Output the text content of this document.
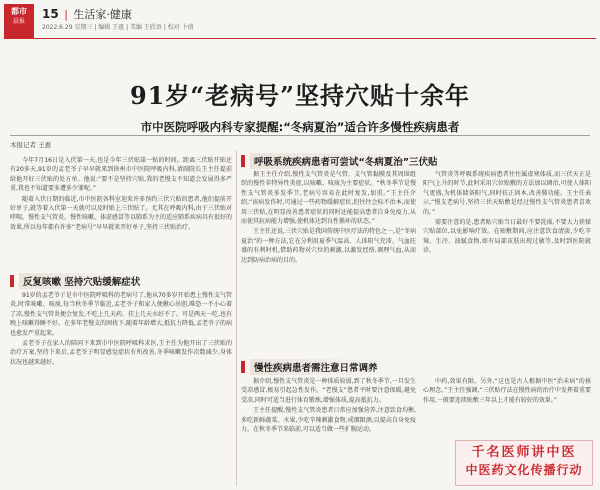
都市
晨报
15 | 生活家·健康
2022.6.29 星期三 | 编辑 王惠 | 美编 王欣语 | 校对 卜倩
91岁“老病号”坚持穴贴十余年
市中医院呼吸内科专家提醒:“冬病夏治”适合许多慢性疾病患者
本报记者 王惠

今年7月16日是入伏第一天,也是今年三伏贴第一贴的时间。距离三伏贴开贴还有20多天,91岁的孟老爷子早早就来到徐州市中医院呼吸内科,请副院长王主任提前给他开好三伏贴的处方单。他说:“要不是坚持穴贴,我的老慢支不知道会发展得多严重,我也不知道要多遭多少罪呢。”

随着入伏日期的临近,市中医院各科室迎来许多预约三伏穴贴的患者,他们提前开好单子,就等着入伏第一天就可以及时贴上三伏贴了。尤其在呼吸内科,由于三伏贴对哮喘、慢性支气管炎、慢性咳嗽、体虚感冒等以肺系为主的适应肺系疾病具有很好的效果,所以每年都有许多“老病号”早早就来开好单子,坚持三伏贴治疗。

反复咳嗽 坚持穴贴缓解症状

91岁的孟老爷子是市中医院呼吸科的老病号了,他从70多岁开始患上慢性支气管炎,时常咳嗽、咳痰,每当秋冬季节临近,孟老爷子和家人便揪心吊胆,唯恐一不小心着了凉,慢性支气管炎便会复发,不吃上几天药、挂上几天水好不了。可是两天一吃,也有晚上咳嗽得睡不好。在多年老慢支的困扰下,随着年龄增大,抵抗力降低,孟老爷子的病也愈发严重起来。

孟老爷子在家人的陪同下来到市中医院呼吸科求医,王主任为他开出了三伏贴的治疗方案,坚持下来后,孟老爷子明显感觉症状有所改善,冬季咳嗽发作次数减少,身体状况也越来越好。

呼吸系统疾病患者可尝试“冬病夏治”三伏贴

据王主任介绍,慢性支气管炎是气管、支气管黏膜及其周围组织的慢性非特异性炎症,以咳嗽、咳痰为主要症状。“秋冬季节是慢性支气管炎多发季节,老病号容易在此时复发,加重。”王主任介绍,“该病发作时,可通过一些药物缓解症状,但往往会标不治本,而使用三伏贴,在明显改善患者症状的同时还能提高患者自身免疫力,从而使其抗病能力增强,使机体达到良性循环的状态。”

王主任还说,三伏穴贴是我国传统中医疗法的特色之一,是“冬病夏治”的一种方法,它在分利用夏季气温高、人体阳气充沛、气血旺盛的有利时机,借助药物对穴位的刺激,以激发经络,调理气血,从而达到防病治病的目的。

气管炎等呼吸系统疾病患者往往属虚寒体质,而三伏天正是阳气上升的时节,此时采用穴位贴敷的方法加以调治,可使人体阳气更盛,为机体储备阳气,同时扶正固本,改善肺功能。王主任表示,“慢支老病号,坚持三伏天贴敷是经过慢性支气管炎患者喜欢的。”

需要注意的是,患者贴穴贴当日最好不要洗澡,不要大力搓揉穴贴部位,以免影响疗效。在贴敷期间,应注意饮食清淡,少吃辛辣、生冷、油腻食物,如有局部皮肤出现过敏等,及时到医院就诊。

慢性疾病患者需注意日常调养

据介绍,慢性支气管炎是一种体质较弱,到了秋冬季节,一旦发生受凉感冒,极易引起急性发作。“老慢支”患者平时要注意保暖,避免受凉,同时可适当进行体育锻炼,增强体质,提高抵抗力。

王主任提醒,慢性支气管炎患者日常应加强营养,注意饮食均衡,多吃新鲜蔬菜、水果,少吃辛辣刺激食物,戒烟限酒,以提高自身免疫力。在秋冬季节来临前,可以适当做一些扩胸运动。

中药,效果有限。另外,“这也是古人根据中医“治未病”的核心理念。”王主任强调,“三伏贴疗法在慢性病的治疗中发挥着重要作用,一般要连续贴敷三年以上才能有较好的效果。”

千名医师讲中医
中医药文化传播行动
